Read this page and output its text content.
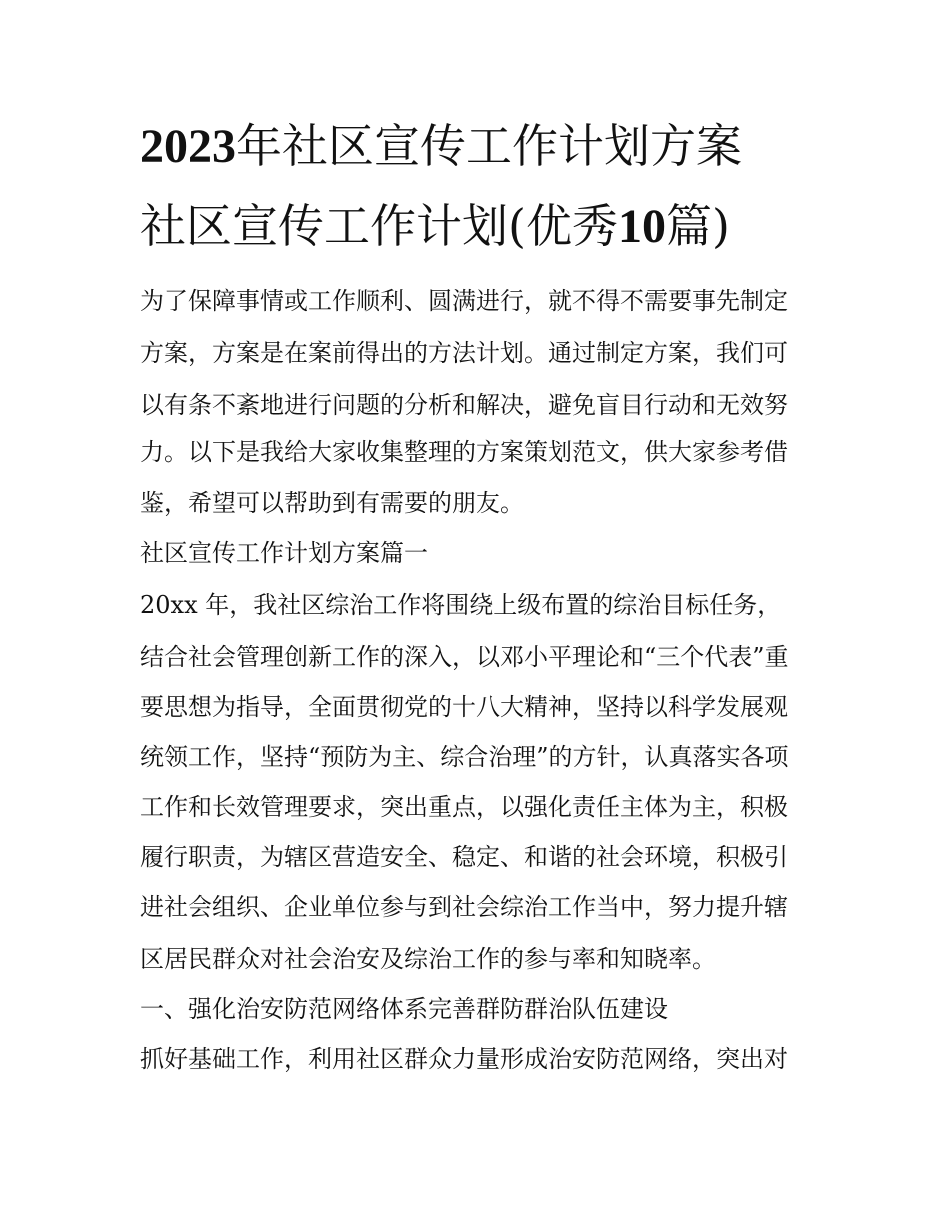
2023年社区宣传工作计划方案
社区宣传工作计划(优秀10篇)
为了保障事情或工作顺利、圆满进行，就不得不需要事先制定
方案，方案是在案前得出的方法计划。通过制定方案，我们可
以有条不紊地进行问题的分析和解决，避免盲目行动和无效努
力。以下是我给大家收集整理的方案策划范文，供大家参考借
鉴，希望可以帮助到有需要的朋友。
社区宣传工作计划方案篇一
20xx 年，我社区综治工作将围绕上级布置的综治目标任务，
结合社会管理创新工作的深入，以邓小平理论和“三个代表”重
要思想为指导，全面贯彻党的十八大精神，坚持以科学发展观
统领工作，坚持“预防为主、综合治理”的方针，认真落实各项
工作和长效管理要求，突出重点，以强化责任主体为主，积极
履行职责，为辖区营造安全、稳定、和谐的社会环境，积极引
进社会组织、企业单位参与到社会综治工作当中，努力提升辖
区居民群众对社会治安及综治工作的参与率和知晓率。
一、强化治安防范网络体系完善群防群治队伍建设
抓好基础工作，利用社区群众力量形成治安防范网络，突出对
